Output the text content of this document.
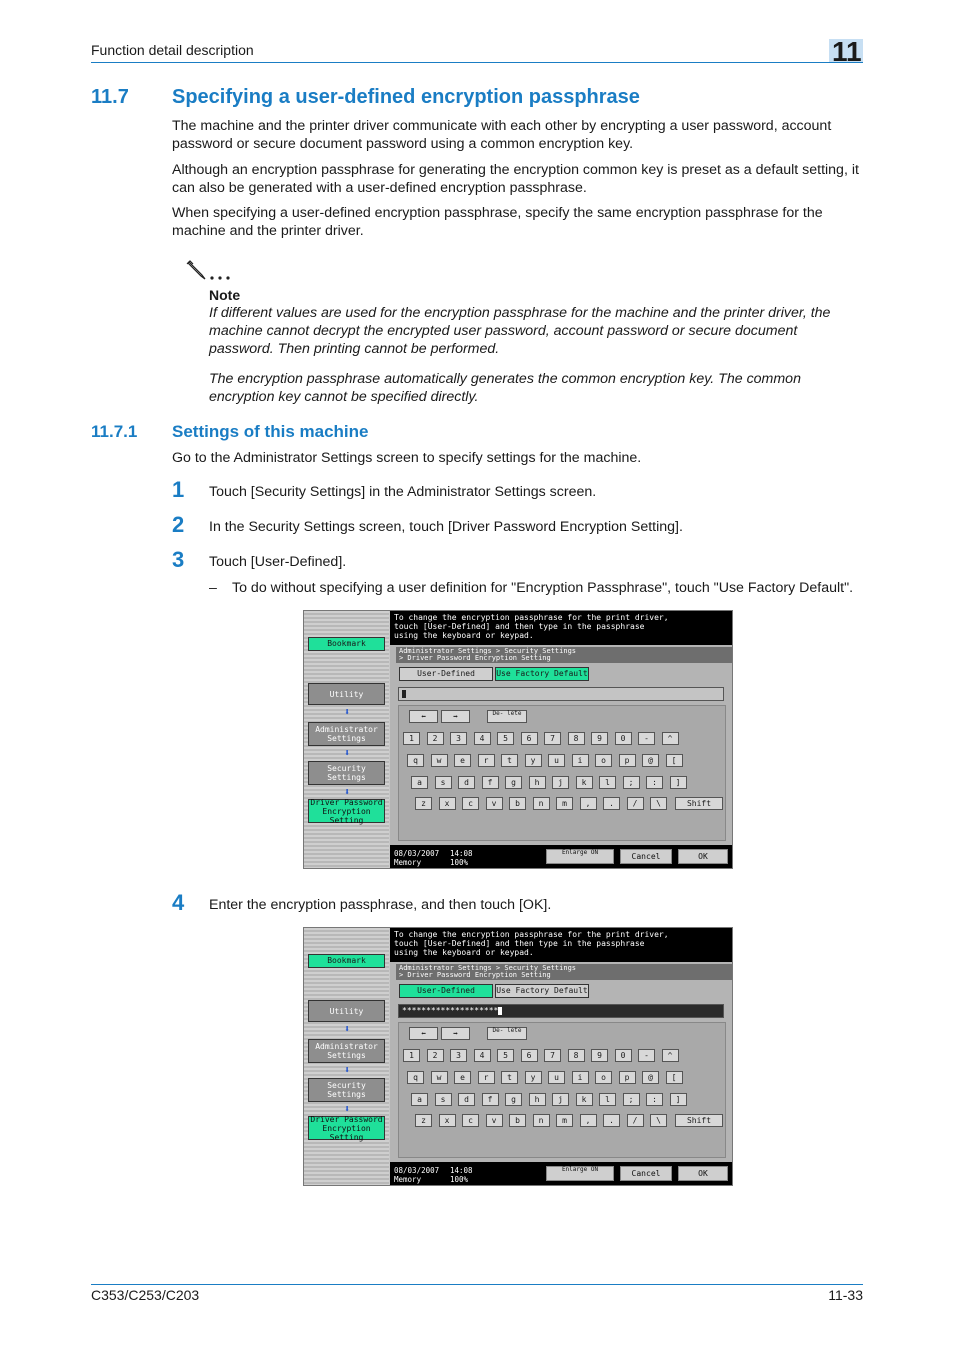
Function detail description	11
11.7 Specifying a user-defined encryption passphrase
The machine and the printer driver communicate with each other by encrypting a user password, account password or secure document password using a common encryption key.
Although an encryption passphrase for generating the encryption common key is preset as a default setting, it can also be generated with a user-defined encryption passphrase.
When specifying a user-defined encryption passphrase, specify the same encryption passphrase for the machine and the printer driver.
Note
If different values are used for the encryption passphrase for the machine and the printer driver, the machine cannot decrypt the encrypted user password, account password or secure document password. Then printing cannot be performed.
The encryption passphrase automatically generates the common encryption key. The common encryption key cannot be specified directly.
11.7.1 Settings of this machine
Go to the Administrator Settings screen to specify settings for the machine.
1 Touch [Security Settings] in the Administrator Settings screen.
2 In the Security Settings screen, touch [Driver Password Encryption Setting].
3 Touch [User-Defined].
– To do without specifying a user definition for "Encryption Passphrase", touch "Use Factory Default".
Bookmark
Utility
⬇
Administrator Settings
⬇
Security Settings
⬇
Driver Password Encryption Setting
To change the encryption passphrase for the print driver,
touch [User-Defined] and then type in the passphrase
using the keyboard or keypad.
Administrator Settings > Security Settings
> Driver Password Encryption Setting
User-Defined	Use Factory Default
⬅	➡	De- lete
1	2	3	4	5	6	7	8	9	0	-	^
q	w	e	r	t	y	u	i	o	p	@	[
a	s	d	f	g	h	j	k	l	;	:	]
z	x	c	v	b	n	m	,	.	/	\	Shift
08/03/2007
Memory
14:08
100%
Enlarge ON	Cancel	OK
4 Enter the encryption passphrase, and then touch [OK].
Bookmark
Utility
⬇
Administrator Settings
⬇
Security Settings
⬇
Driver Password Encryption Setting
To change the encryption passphrase for the print driver,
touch [User-Defined] and then type in the passphrase
using the keyboard or keypad.
Administrator Settings > Security Settings
> Driver Password Encryption Setting
User-Defined	Use Factory Default
********************
⬅	➡	De- lete
1	2	3	4	5	6	7	8	9	0	-	^
q	w	e	r	t	y	u	i	o	p	@	[
a	s	d	f	g	h	j	k	l	;	:	]
z	x	c	v	b	n	m	,	.	/	\	Shift
08/03/2007
Memory
14:08
100%
Enlarge ON	Cancel	OK
C353/C253/C203	11-33
